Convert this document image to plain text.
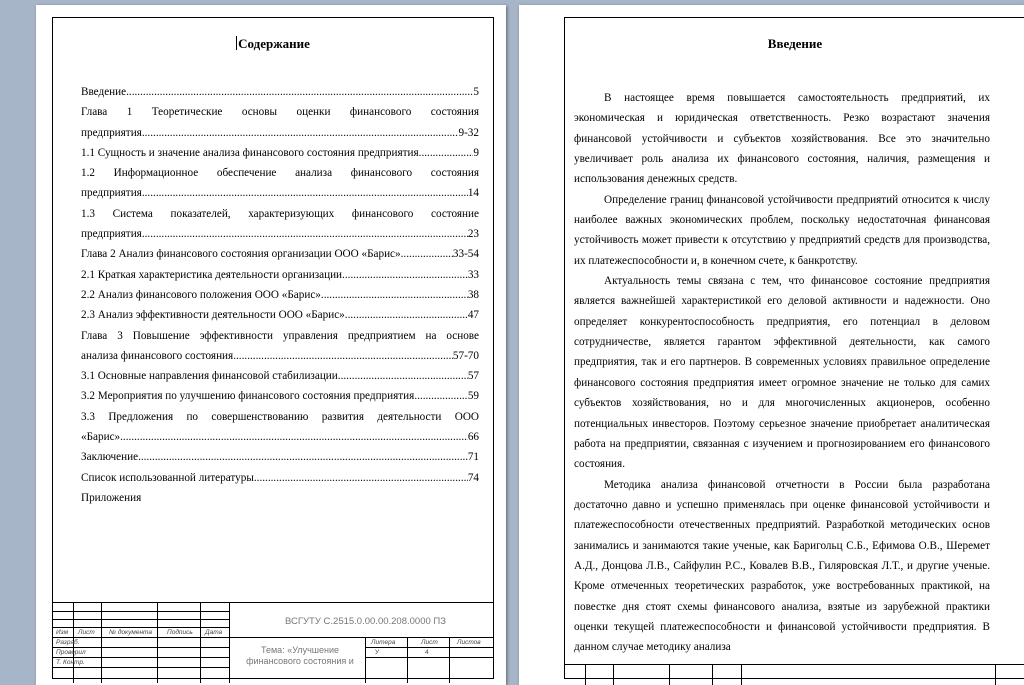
Содержание
Введение .....	5
Глава 1 Теоретические основы оценки финансового состояния
предприятия .....	9-32
1.1 Сущность и значение анализа финансового состояния предприятия .....	9
1.2 Информационное обеспечение анализа финансового состояния
предприятия .....	14
1.3 Система показателей, характеризующих финансового состояние
предприятия .....	23
Глава 2 Анализ финансового состояния организации ООО «Барис» .....	33-54
2.1 Краткая характеристика деятельности организации .....	33
2.2 Анализ финансового положения ООО «Барис» .....	38
2.3 Анализ эффективности деятельности ООО «Барис» .....	47
Глава 3 Повышение эффективности управления предприятием на основе
анализа финансового состояния .....	57-70
3.1 Основные направления финансовой стабилизации .....	57
3.2 Мероприятия по улучшению финансового состояния предприятия .....	59
3.3 Предложения по совершенствованию развития деятельности ООО
«Барис» .....	66
Заключение .....	71
Список использованной литературы .....	74
Приложения
ВСГУТУ С.2515.0.00.00.208.0000 ПЗ
Изм Лист № документа Подпись Дата
Разраб.
Проверил
Т. Контр.
Тема: «Улучшение финансового состояния и
Литера	Лист	Листов
У	4
Введение

В настоящее время повышается самостоятельность предприятий, их экономическая и юридическая ответственность. Резко возрастают значения финансовой устойчивости и субъектов хозяйствования. Все это значительно увеличивает роль анализа их финансового состояния, наличия, размещения и использования денежных средств.

Определение границ финансовой устойчивости предприятий относится к числу наиболее важных экономических проблем, поскольку недостаточная финансовая устойчивость может привести к отсутствию у предприятий средств для производства, их платежеспособности и, в конечном счете, к банкротству.

Актуальность темы связана с тем, что финансовое состояние предприятия является важнейшей характеристикой его деловой активности и надежности. Оно определяет конкурентоспособность предприятия, его потенциал в деловом сотрудничестве, является гарантом эффективной деятельности, как самого предприятия, так и его партнеров. В современных условиях правильное определение финансового состояния предприятия имеет огромное значение не только для самих субъектов хозяйствования, но и для многочисленных акционеров, особенно потенциальных инвесторов. Поэтому серьезное значение приобретает аналитическая работа на предприятии, связанная с изучением и прогнозированием его финансового состояния.

Методика анализа финансовой отчетности в России была разработана достаточно давно и успешно применялась при оценке финансовой устойчивости и платежеспособности отечественных предприятий. Разработкой методических основ занимались и занимаются такие ученые, как Баригольц С.Б., Ефимова О.В., Шеремет А.Д., Донцова Л.В., Сайфулин Р.С., Ковалев В.В., Гиляровская Л.Т., и другие ученые. Кроме отмеченных теоретических разработок, уже востребованных практикой, на повестке дня стоят схемы финансового анализа, взятые из зарубежной практики оценки текущей платежеспособности и финансовой устойчивости предприятия. В данном случае методику анализа
